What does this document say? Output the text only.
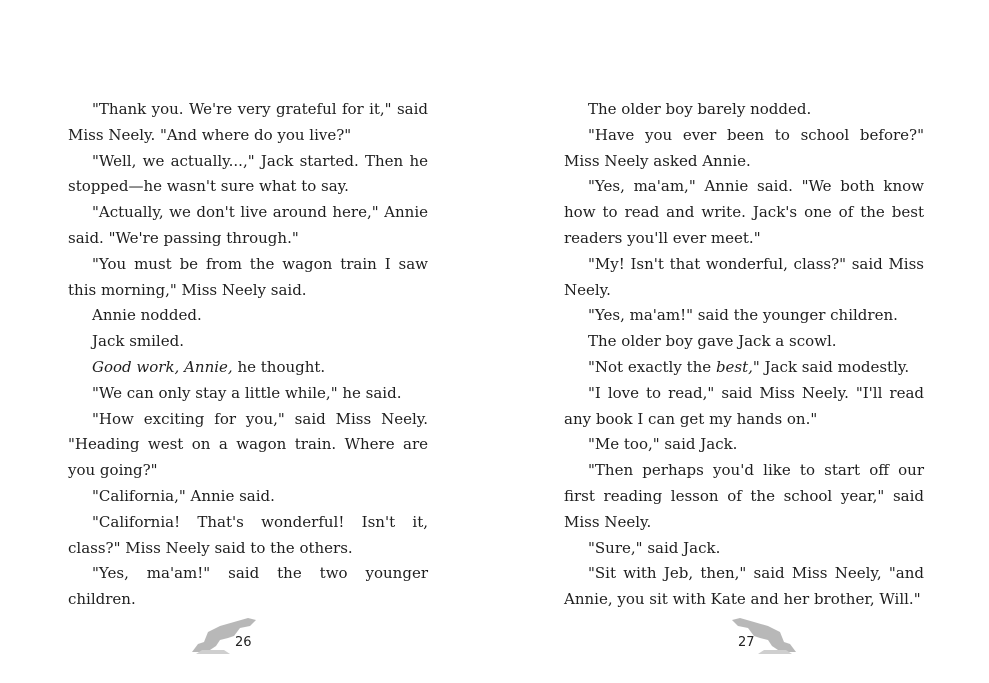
"Thank you. We're very grateful for it," said Miss Neely. "And where do you live?"

"Well, we actually...," Jack started. Then he stopped—he wasn't sure what to say.

"Actually, we don't live around here," Annie said. "We're passing through."

"You must be from the wagon train I saw this morning," Miss Neely said.

Annie nodded.

Jack smiled.

Good work, Annie, he thought.

"We can only stay a little while," he said.

"How exciting for you," said Miss Neely. "Heading west on a wagon train. Where are you going?"

"California," Annie said.

"California! That's wonderful! Isn't it, class?" Miss Neely said to the others.

"Yes, ma'am!" said the two younger children.

The older boy barely nodded.

"Have you ever been to school before?" Miss Neely asked Annie.

"Yes, ma'am," Annie said. "We both know how to read and write. Jack's one of the best readers you'll ever meet."

"My! Isn't that wonderful, class?" said Miss Neely.

"Yes, ma'am!" said the younger children.

The older boy gave Jack a scowl.

"Not exactly the best," Jack said modestly.

"I love to read," said Miss Neely. "I'll read any book I can get my hands on."

"Me too," said Jack.

"Then perhaps you'd like to start off our first reading lesson of the school year," said Miss Neely.

"Sure," said Jack.

"Sit with Jeb, then," said Miss Neely, "and Annie, you sit with Kate and her brother, Will."

26	27
